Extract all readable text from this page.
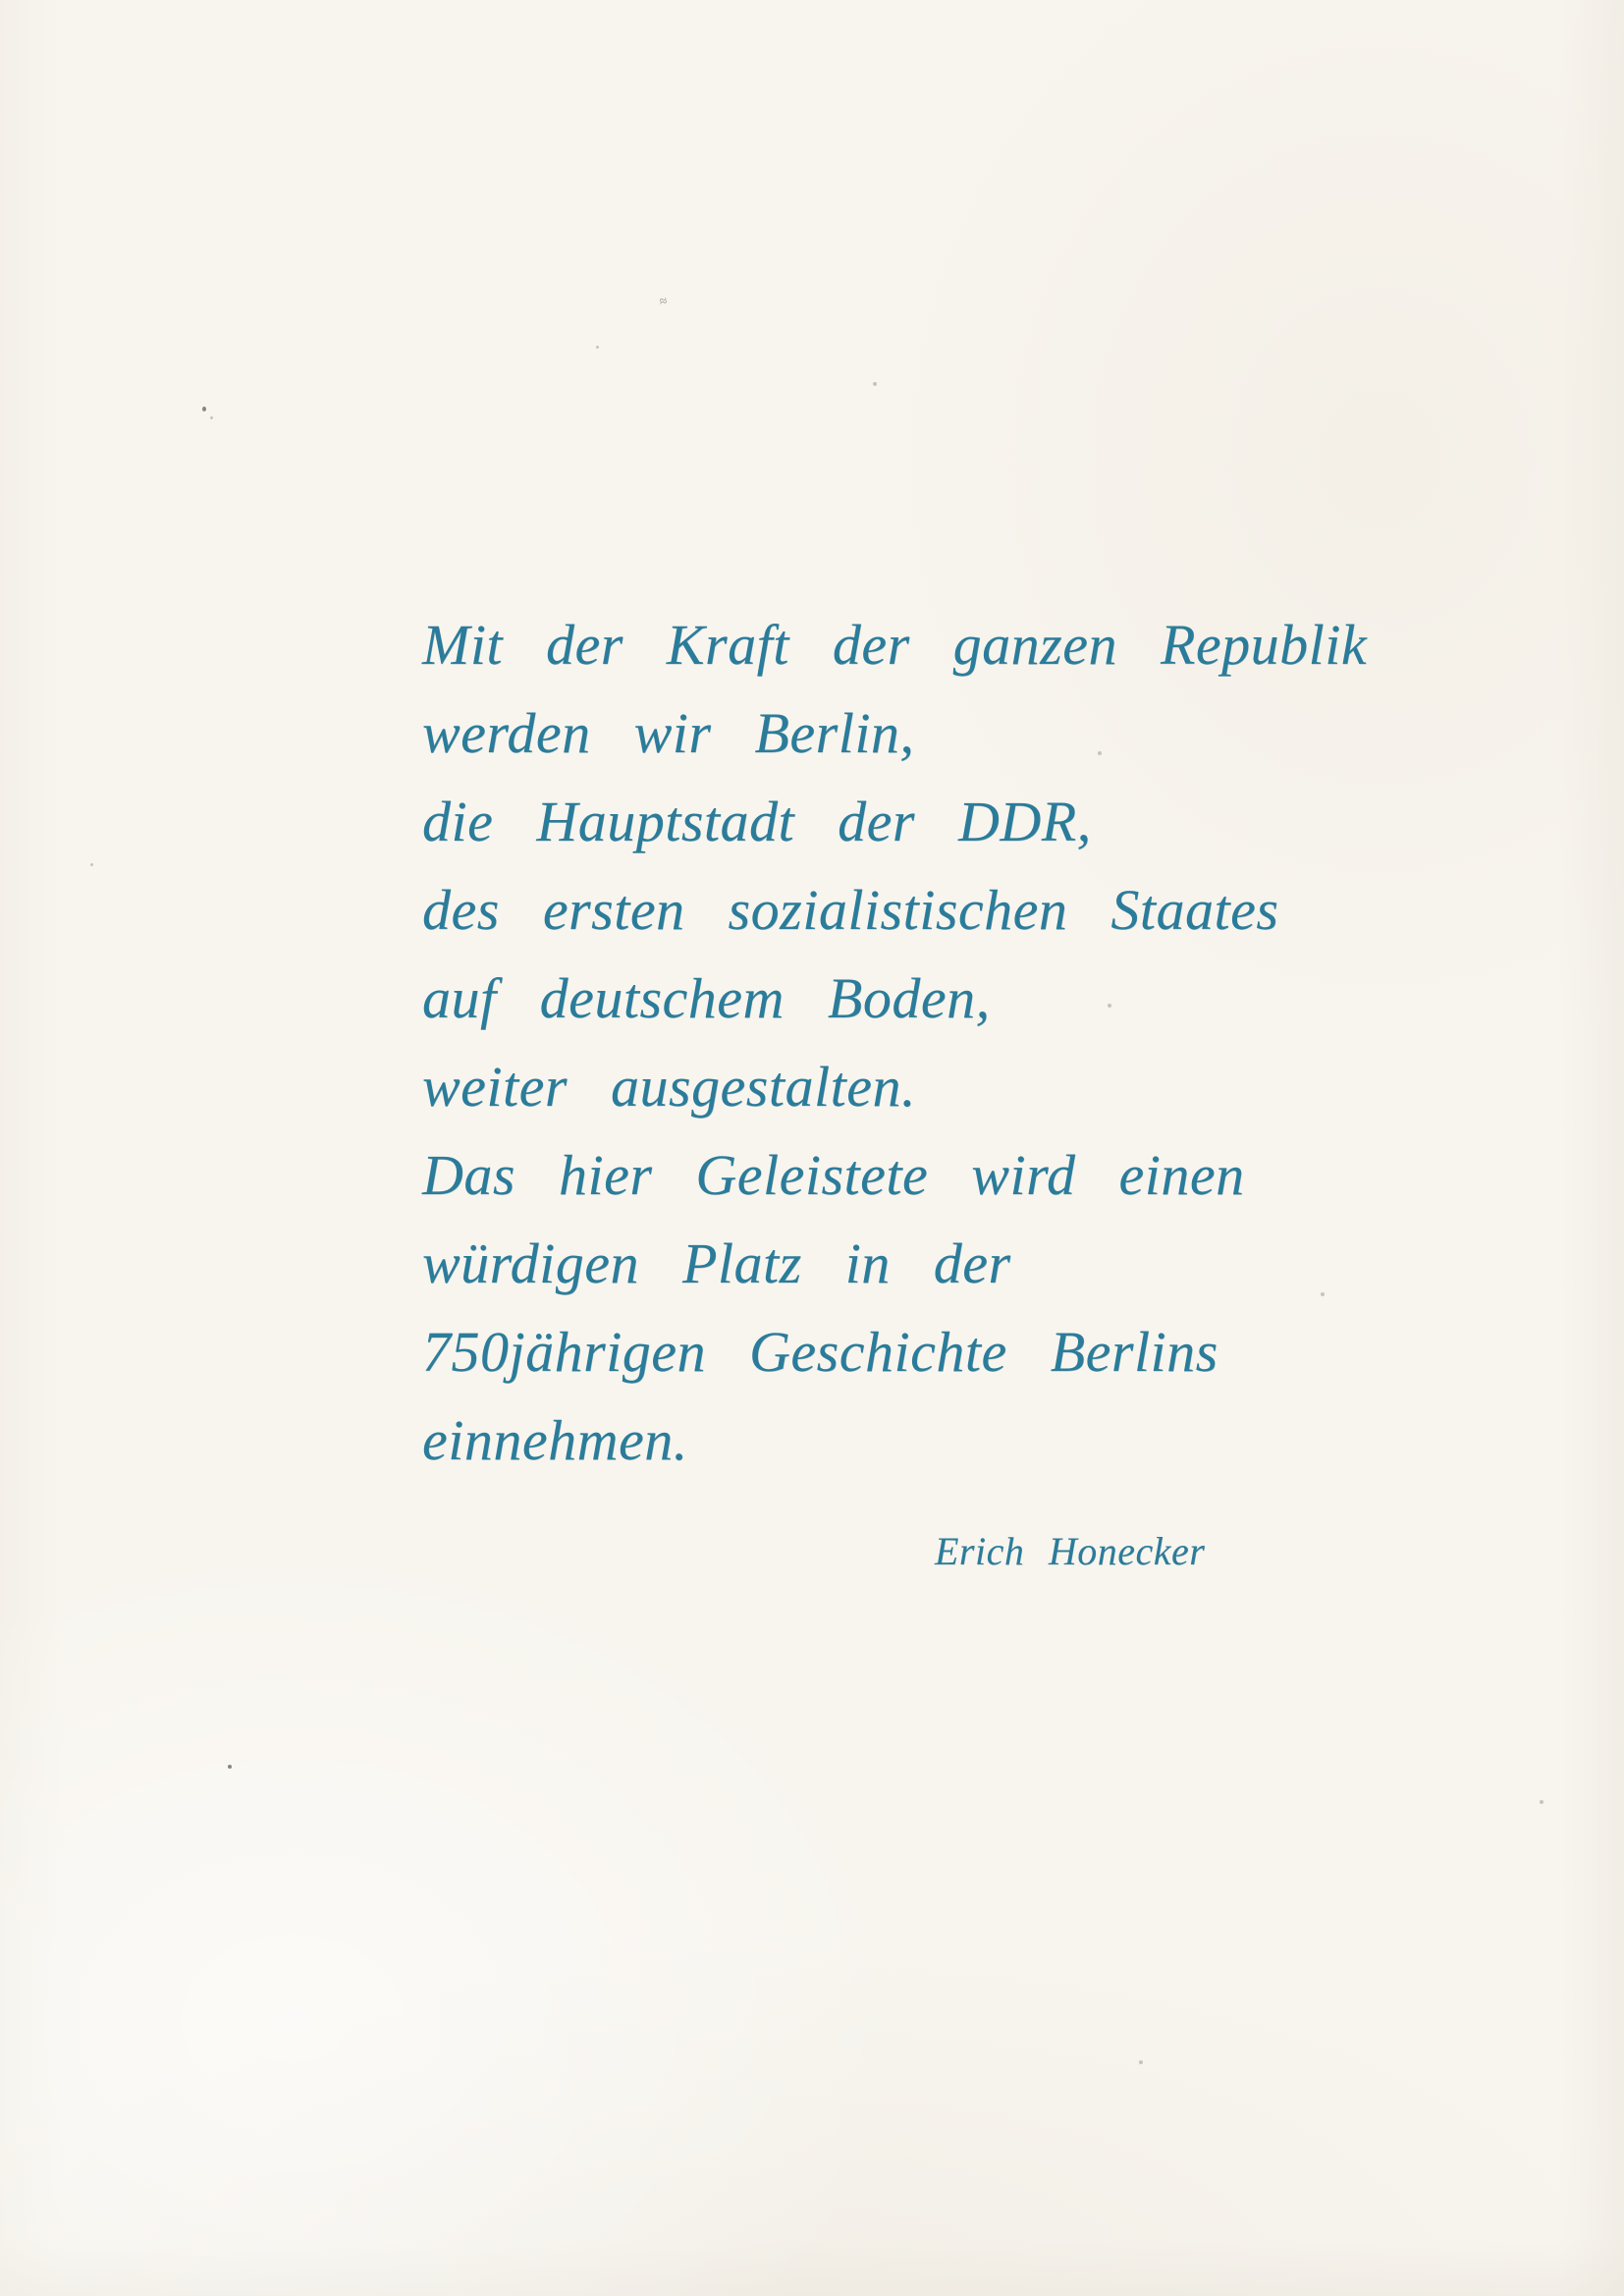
Mit der Kraft der ganzen Republik
werden wir Berlin,
die Hauptstadt der DDR,
des ersten sozialistischen Staates
auf deutschem Boden,
weiter ausgestalten.
Das hier Geleistete wird einen
würdigen Platz in der
750jährigen Geschichte Berlins
einnehmen.
Erich Honecker
≈
